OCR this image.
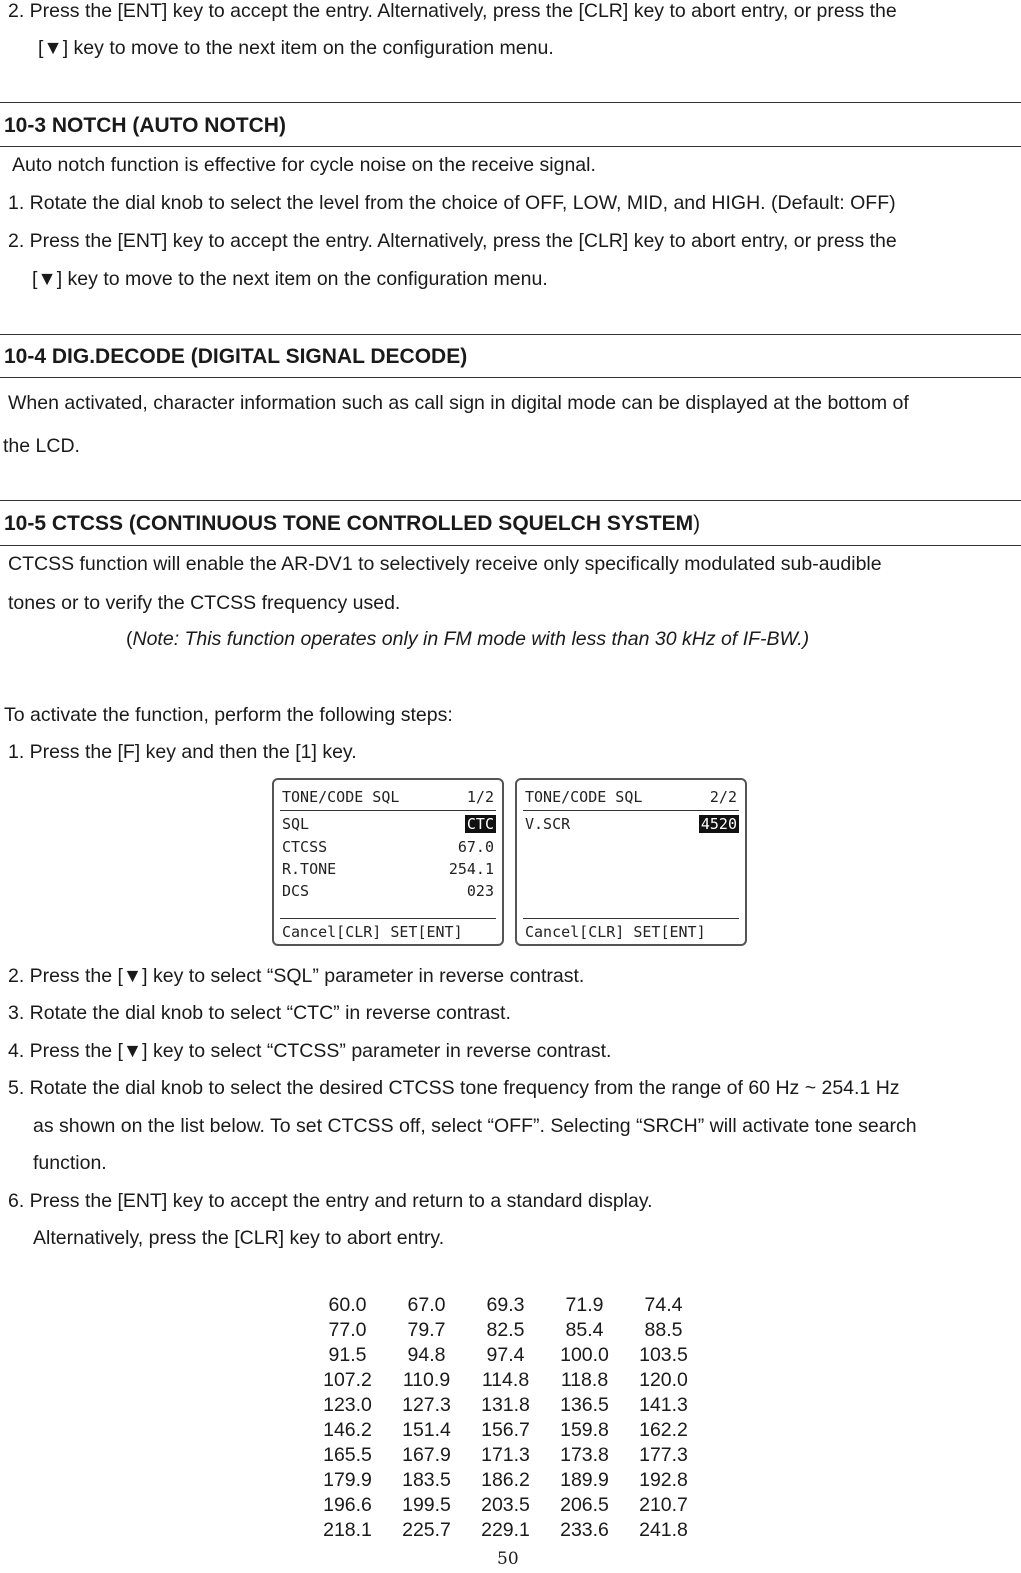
2. Press the [ENT] key to accept the entry. Alternatively, press the [CLR] key to abort entry, or press the
[▼] key to move to the next item on the configuration menu.
10-3 NOTCH (AUTO NOTCH)
Auto notch function is effective for cycle noise on the receive signal.
1. Rotate the dial knob to select the level from the choice of OFF, LOW, MID, and HIGH. (Default: OFF)
2. Press the [ENT] key to accept the entry. Alternatively, press the [CLR] key to abort entry, or press the
[▼] key to move to the next item on the configuration menu.
10-4 DIG.DECODE (DIGITAL SIGNAL DECODE)
When activated, character information such as call sign in digital mode can be displayed at the bottom of
the LCD.
10-5 CTCSS (CONTINUOUS TONE CONTROLLED SQUELCH SYSTEM)
CTCSS function will enable the AR-DV1 to selectively receive only specifically modulated sub-audible
tones or to verify the CTCSS frequency used.
(Note: This function operates only in FM mode with less than 30 kHz of IF-BW.)
To activate the function, perform the following steps:
1. Press the [F] key and then the [1] key.
TONE/CODE SQL	1/2
SQL	CTC
CTCSS	67.0
R.TONE	254.1
DCS	023
Cancel[CLR] SET[ENT]
TONE/CODE SQL	2/2
V.SCR	4520
Cancel[CLR] SET[ENT]
2. Press the [▼] key to select “SQL” parameter in reverse contrast.
3. Rotate the dial knob to select “CTC” in reverse contrast.
4. Press the [▼] key to select “CTCSS” parameter in reverse contrast.
5. Rotate the dial knob to select the desired CTCSS tone frequency from the range of 60 Hz ~ 254.1 Hz
as shown on the list below. To set CTCSS off, select “OFF”. Selecting “SRCH” will activate tone search
function.
6. Press the [ENT] key to accept the entry and return to a standard display.
Alternatively, press the [CLR] key to abort entry.
60.0	67.0	69.3	71.9	74.4
77.0	79.7	82.5	85.4	88.5
91.5	94.8	97.4	100.0	103.5
107.2	110.9	114.8	118.8	120.0
123.0	127.3	131.8	136.5	141.3
146.2	151.4	156.7	159.8	162.2
165.5	167.9	171.3	173.8	177.3
179.9	183.5	186.2	189.9	192.8
196.6	199.5	203.5	206.5	210.7
218.1	225.7	229.1	233.6	241.8
50
